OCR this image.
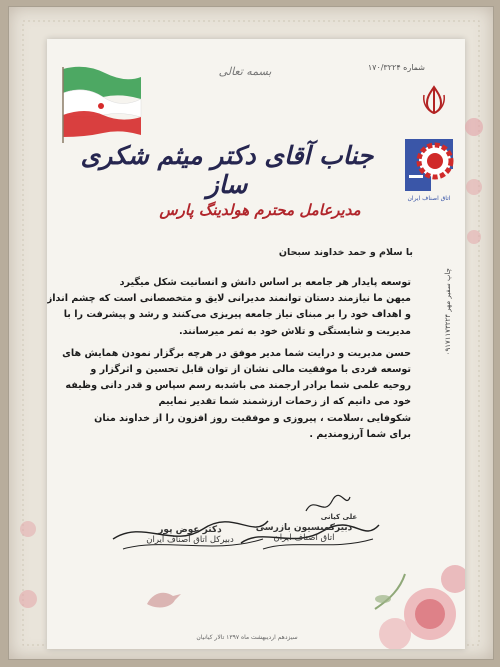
شماره ۱۷۰/۳۲۲۴
بسمه تعالی
اتاق اصناف ایران
چاپ سفیر مهر ۰۹۱۷۱۱۷۳۲۲۴
جناب آقای دکتر میثم شکری ساز
مدیرعامل محترم هولدینگ پارس
با سلام و حمد خداوند سبحان

توسعه پایدار هر جامعه بر اساس دانش و انسانیت شکل میگیرد
میهن ما نیازمند دستان توانمند مدیرانی لایق و متخصصانی است که چشم انداز
و اهداف خود را بر مبنای نیاز جامعه پیریزی می‌کنند و رشد و پیشرفت را با
مدیریت و شایستگی و تلاش خود به ثمر میرسانند.

حسن مدیریت و درایت شما مدیر موفق در هرچه برگزار نمودن همایش های
توسعه فردی با موفقیت مالی نشان از توان قابل تحسین و اثرگزار و
روحیه علمی شما برادر ارجمند می باشدبه رسم سپاس و قدر دانی وظیفه
خود می دانیم که از زحمات ارزشمند شما تقدیر نماییم
شکوفایی ،سلامت ، پیروزی و موفقیت روز افزون را از خداوند منان
برای شما آرزومندیم .

علی کیانی
دبیرکمیسیون بازرسی
اتاق اصناف ایران
دکتر عوض پور
دبیرکل اتاق اصناف ایران
سیزدهم اردیبهشت ماه ۱۳۹۷ تالار کیانیان
